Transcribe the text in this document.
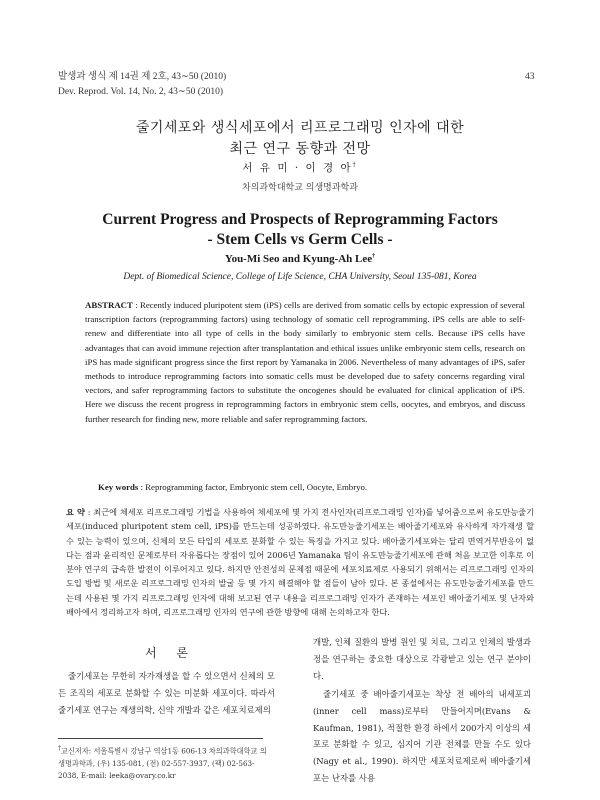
발생과 생식 제 14권 제 2호, 43∼50 (2010)
Dev. Reprod. Vol. 14, No. 2, 43∼50 (2010)
43
줄기세포와 생식세포에서 리프로그래밍 인자에 대한
최근 연구 동향과 전망
서 유 미 · 이 경 아†
차의과학대학교 의생명과학과
Current Progress and Prospects of Reprogramming Factors
- Stem Cells vs Germ Cells -
You-Mi Seo and Kyung-Ah Lee†
Dept. of Biomedical Science, College of Life Science, CHA University, Seoul 135-081, Korea
ABSTRACT : Recently induced pluripotent stem (iPS) cells are derived from somatic cells by ectopic expression of several transcription factors (reprogramming factors) using technology of somatic cell reprogramming. iPS cells are able to self-renew and differentiate into all type of cells in the body similarly to embryonic stem cells. Because iPS cells have advantages that can avoid immune rejection after transplantation and ethical issues unlike embryonic stem cells, research on iPS has made significant progress since the first report by Yamanaka in 2006. Nevertheless of many advantages of iPS, safer methods to introduce reprogramming factors into somatic cells must be developed due to safety concerns regarding viral vectors, and safer reprogramming factors to substitute the oncogenes should be evaluated for clinical application of iPS. Here we discuss the recent progress in reprogramming factors in embryonic stem cells, oocytes, and embryos, and discuss further research for finding new, more reliable and safer reprogramming factors.
Key words : Reprogramming factor, Embryonic stem cell, Oocyte, Embryo.
요 약 : 최근에 체세포 리프로그래밍 기법을 사용하여 체세포에 몇 가지 전사인자(리프로그래밍 인자)를 넣어줌으로써 유도만능줄기세포(induced pluripotent stem cell, iPS)를 만드는데 성공하였다. 유도만능줄기세포는 배아줄기세포와 유사하게 자가재생 할 수 있는 능력이 있으며, 신체의 모든 타입의 세포로 분화할 수 있는 특징을 가지고 있다. 배아줄기세포와는 달리 면역거부반응이 없다는 점과 윤리적인 문제로부터 자유롭다는 장점이 있어 2006년 Yamanaka 팀이 유도만능줄기세포에 관해 처음 보고한 이후로 이 분야 연구의 급속한 발전이 이루어지고 있다. 하지만 안전성의 문제점 때문에 세포치료제로 사용되기 위해서는 리프로그래밍 인자의 도입 방법 및 새로운 리프로그래밍 인자의 발굴 등 몇 가지 해결해야 할 점들이 남아 있다. 본 종설에서는 유도만능줄기세포를 만드는데 사용된 몇 가지 리프로그래밍 인자에 대해 보고된 연구 내용을 리프로그래밍 인자가 존재하는 세포인 배아줄기세포 및 난자와 배아에서 정리하고자 하며, 리프로그래밍 인자의 연구에 관한 방향에 대해 논의하고자 한다.
서 론
줄기세포는 무한히 자가재생을 할 수 있으면서 신체의 모든 조직의 세포로 분화할 수 있는 미분화 세포이다. 따라서 줄기세포 연구는 재생의학, 신약 개발과 같은 세포치료제의
†교신저자: 서울특별시 강남구 역삼1동 606-13 차의과학대학교 의생명과학과, (우) 135-081, (전) 02-557-3937, (팩) 02-563-2038, E-mail: leeka@ovary.co.kr
개발, 인체 질환의 발병 원인 및 치료, 그리고 인체의 발생과정을 연구하는 중요한 대상으로 각광받고 있는 연구 분야이다.
줄기세포 중 배아줄기세포는 착상 전 배아의 내세포괴(inner cell mass)로부터 만들어지며(Evans & Kaufman, 1981), 적절한 환경 하에서 200가지 이상의 세포로 분화할 수 있고, 심지어 기관 전체를 만들 수도 있다(Nagy et al., 1990). 하지만 세포치료제로써 배아줄기세포는 난자를 사용
